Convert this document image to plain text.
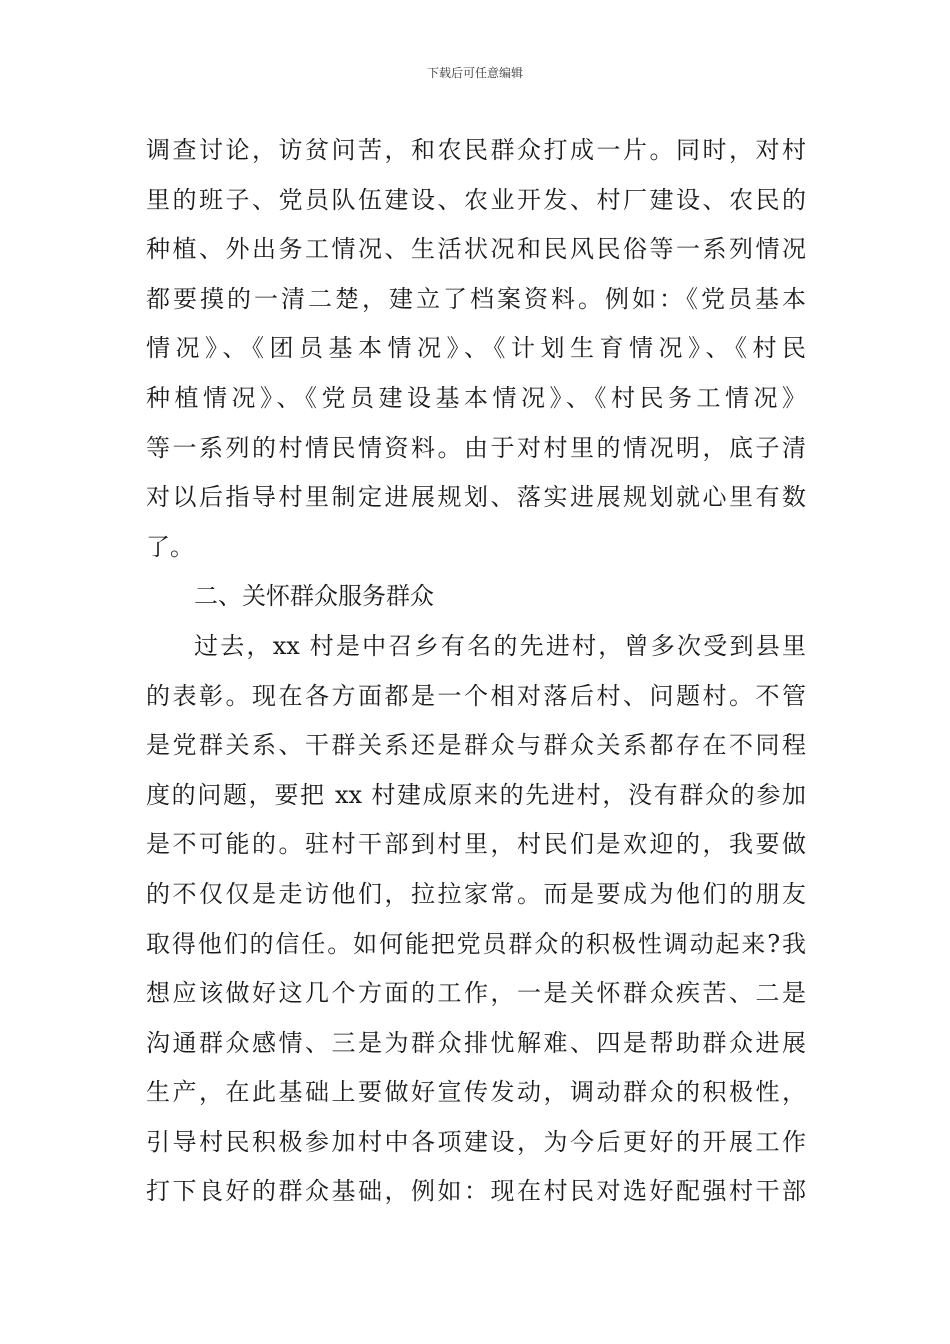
下载后可任意编辑
调查讨论，访贫问苦，和农民群众打成一片。同时，对村
里的班子、党员队伍建设、农业开发、村厂建设、农民的
种植、外出务工情况、生活状况和民风民俗等一系列情况
都要摸的一清二楚，建立了档案资料。例如：《党员基本
情况》、《团员基本情况》、《计划生育情况》、《村民
种植情况》、《党员建设基本情况》、《村民务工情况》
等一系列的村情民情资料。由于对村里的情况明，底子清
对以后指导村里制定进展规划、落实进展规划就心里有数
了。
二、关怀群众服务群众
过去，xx 村是中召乡有名的先进村，曾多次受到县里
的表彰。现在各方面都是一个相对落后村、问题村。不管
是党群关系、干群关系还是群众与群众关系都存在不同程
度的问题，要把 xx 村建成原来的先进村，没有群众的参加
是不可能的。驻村干部到村里，村民们是欢迎的，我要做
的不仅仅是走访他们，拉拉家常。而是要成为他们的朋友
取得他们的信任。如何能把党员群众的积极性调动起来?我
想应该做好这几个方面的工作，一是关怀群众疾苦、二是
沟通群众感情、三是为群众排忧解难、四是帮助群众进展
生产，在此基础上要做好宣传发动，调动群众的积极性，
引导村民积极参加村中各项建设，为今后更好的开展工作
打下良好的群众基础，例如：现在村民对选好配强村干部
